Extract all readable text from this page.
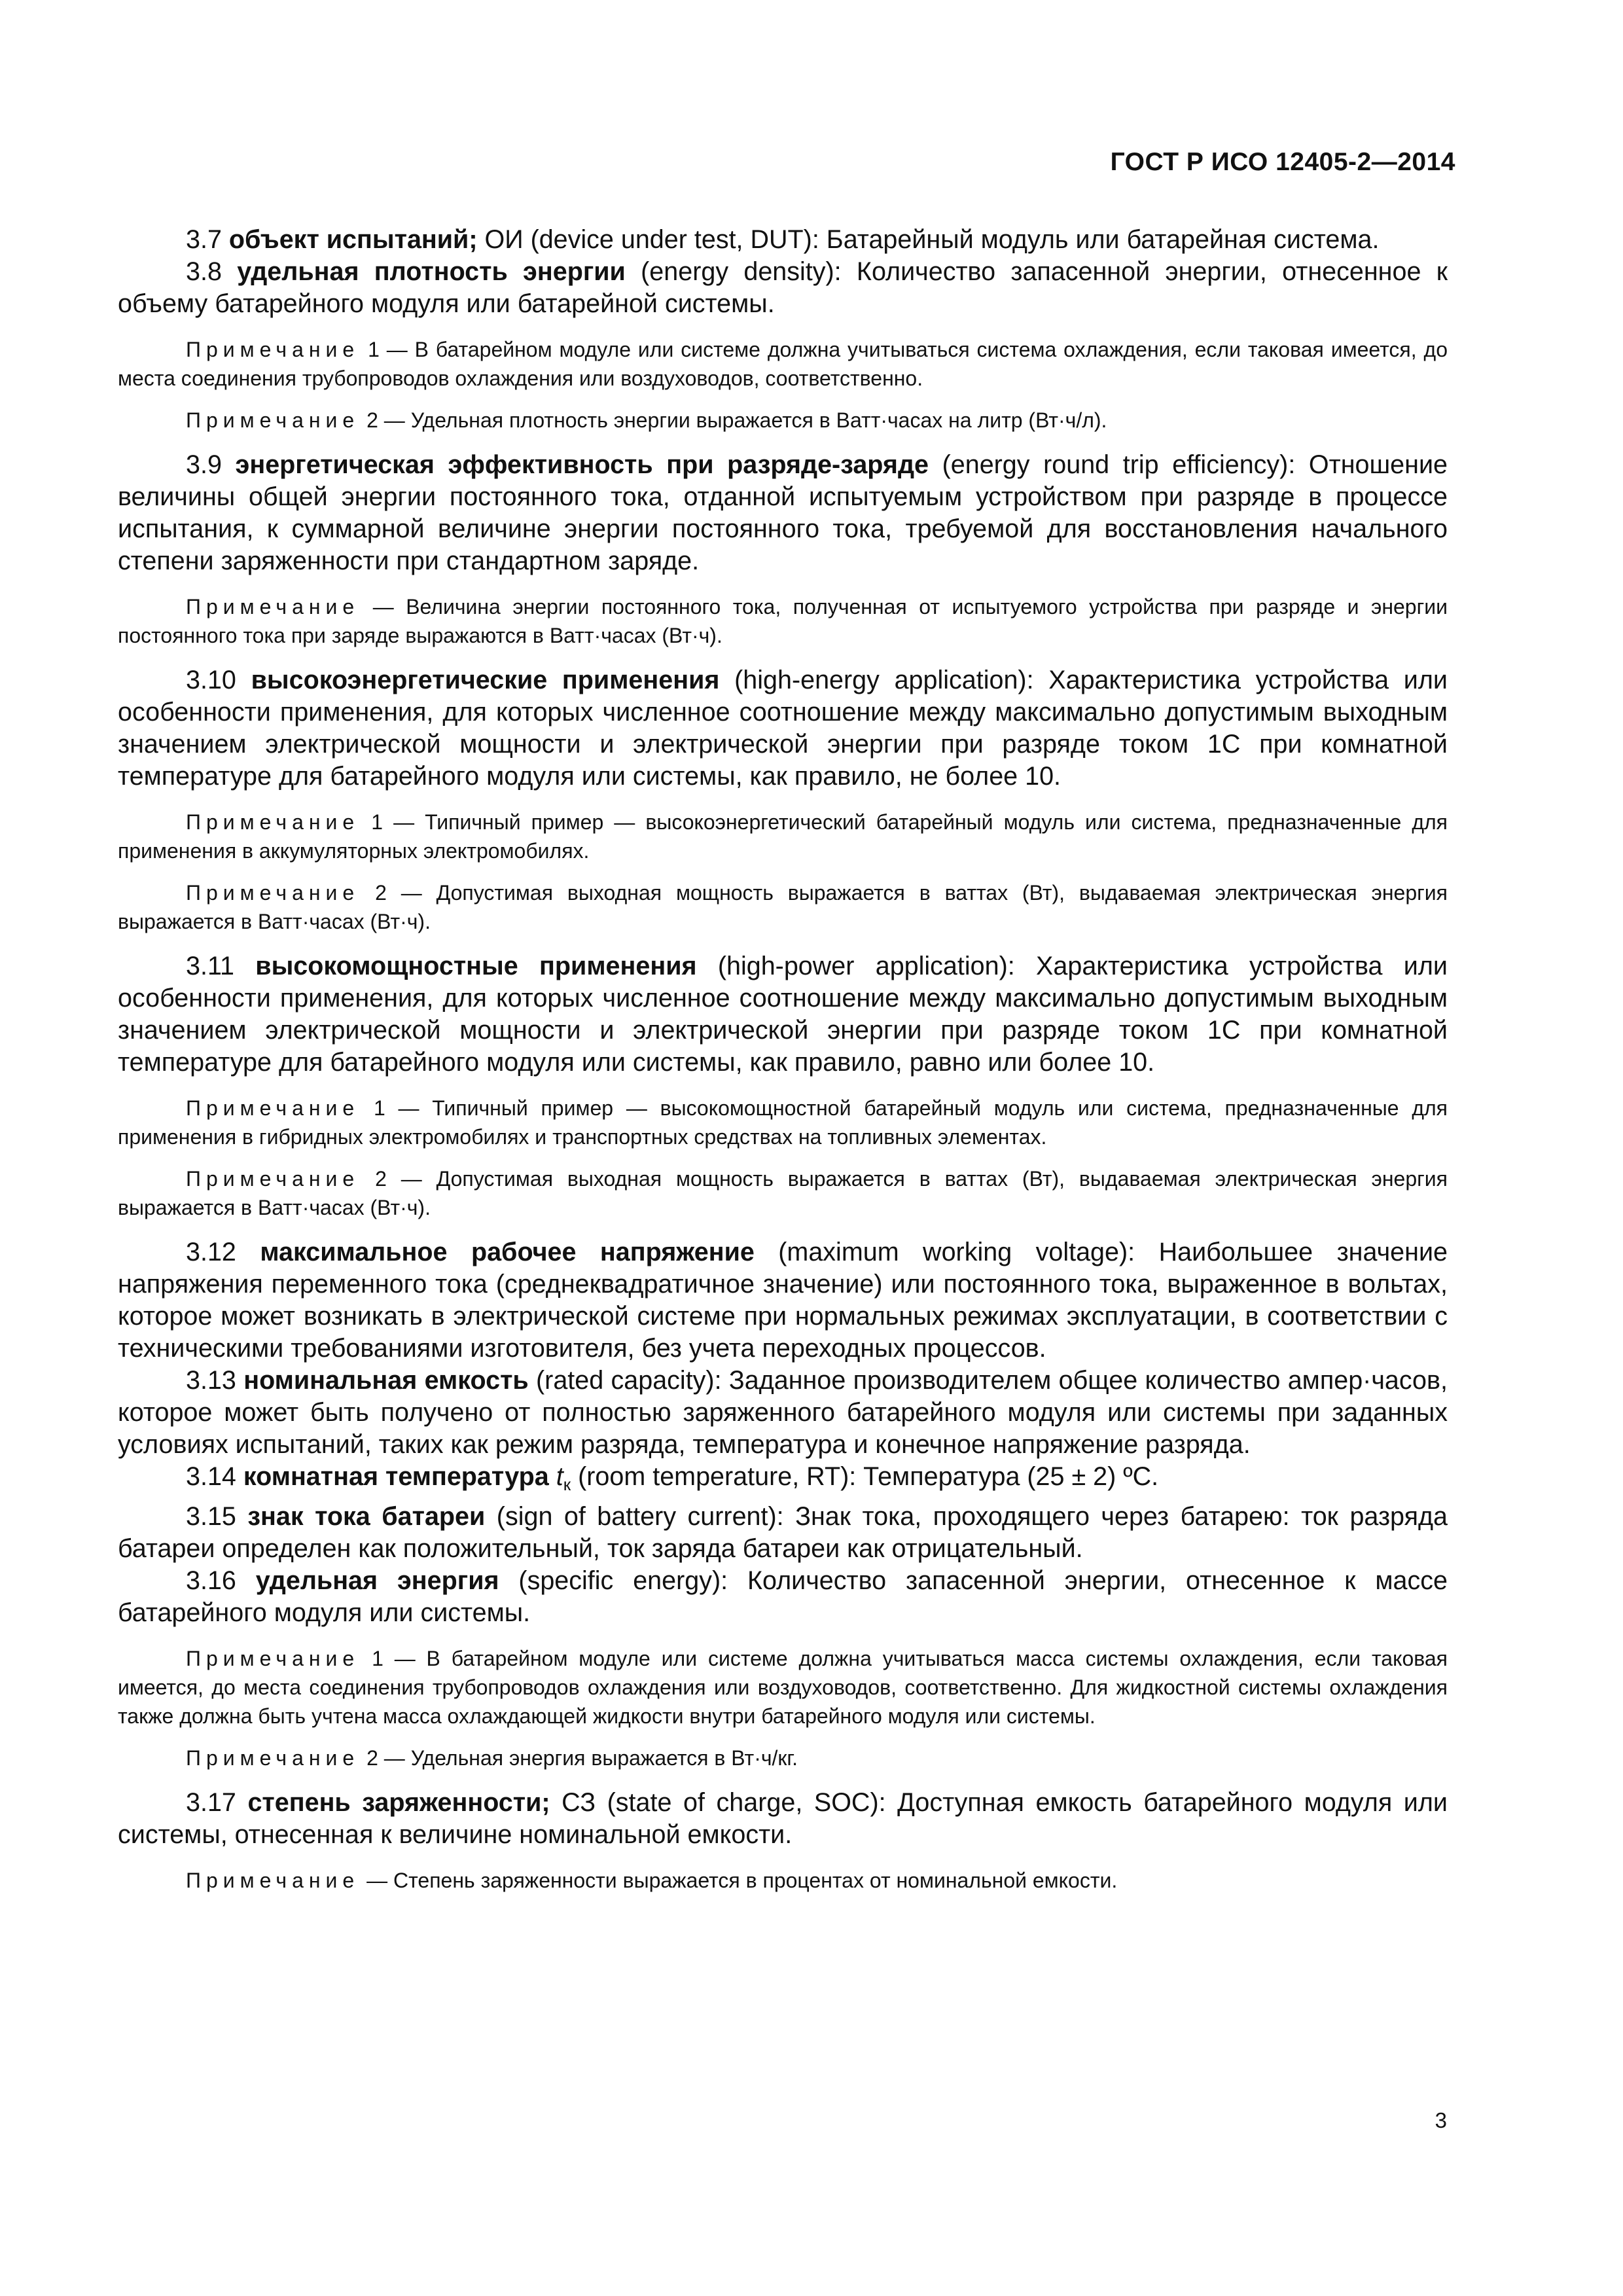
ГОСТ Р ИСО 12405-2—2014

3.7 объект испытаний; ОИ (device under test, DUT): Батарейный модуль или батарейная система.

3.8 удельная плотность энергии (energy density): Количество запасенной энергии, отнесенное к объему батарейного модуля или батарейной системы.

Примечание 1 — В батарейном модуле или системе должна учитываться система охлаждения, если таковая имеется, до места соединения трубопроводов охлаждения или воздуховодов, соответственно.

Примечание 2 — Удельная плотность энергии выражается в Ватт·часах на литр (Вт·ч/л).

3.9 энергетическая эффективность при разряде-заряде (energy round trip efficiency): Отношение величины общей энергии постоянного тока, отданной испытуемым устройством при разряде в процессе испытания, к суммарной величине энергии постоянного тока, требуемой для восстановления начального степени заряженности при стандартном заряде.

Примечание — Величина энергии постоянного тока, полученная от испытуемого устройства при разряде и энергии постоянного тока при заряде выражаются в Ватт·часах (Вт·ч).

3.10 высокоэнергетические применения (high-energy application): Характеристика устройства или особенности применения, для которых численное соотношение между максимально допустимым выходным значением электрической мощности и электрической энергии при разряде током 1С при комнатной температуре для батарейного модуля или системы, как правило, не более 10.

Примечание 1 — Типичный пример — высокоэнергетический батарейный модуль или система, предназначенные для применения в аккумуляторных электромобилях.

Примечание 2 — Допустимая выходная мощность выражается в ваттах (Вт), выдаваемая электрическая энергия выражается в Ватт·часах (Вт·ч).

3.11 высокомощностные применения (high-power application): Характеристика устройства или особенности применения, для которых численное соотношение между максимально допустимым выходным значением электрической мощности и электрической энергии при разряде током 1С при комнатной температуре для батарейного модуля или системы, как правило, равно или более 10.

Примечание 1 — Типичный пример — высокомощностной батарейный модуль или система, предназначенные для применения в гибридных электромобилях и транспортных средствах на топливных элементах.

Примечание 2 — Допустимая выходная мощность выражается в ваттах (Вт), выдаваемая электрическая энергия выражается в Ватт·часах (Вт·ч).

3.12 максимальное рабочее напряжение (maximum working voltage): Наибольшее значение напряжения переменного тока (среднеквадратичное значение) или постоянного тока, выраженное в вольтах, которое может возникать в электрической системе при нормальных режимах эксплуатации, в соответствии с техническими требованиями изготовителя, без учета переходных процессов.

3.13 номинальная емкость (rated capacity): Заданное производителем общее количество ампер·часов, которое может быть получено от полностью заряженного батарейного модуля или системы при заданных условиях испытаний, таких как режим разряда, температура и конечное напряжение разряда.

3.14 комнатная температура $t_к$ (room temperature, RT): Температура (25 ± 2) ºС.

3.15 знак тока батареи (sign of battery current): Знак тока, проходящего через батарею: ток разряда батареи определен как положительный, ток заряда батареи как отрицательный.

3.16 удельная энергия (specific energy): Количество запасенной энергии, отнесенное к массе батарейного модуля или системы.

Примечание 1 — В батарейном модуле или системе должна учитываться масса системы охлаждения, если таковая имеется, до места соединения трубопроводов охлаждения или воздуховодов, соответственно. Для жидкостной системы охлаждения также должна быть учтена масса охлаждающей жидкости внутри батарейного модуля или системы.

Примечание 2 — Удельная энергия выражается в Вт·ч/кг.

3.17 степень заряженности; СЗ (state of charge, SOC): Доступная емкость батарейного модуля или системы, отнесенная к величине номинальной емкости.

Примечание — Степень заряженности выражается в процентах от номинальной емкости.

3
